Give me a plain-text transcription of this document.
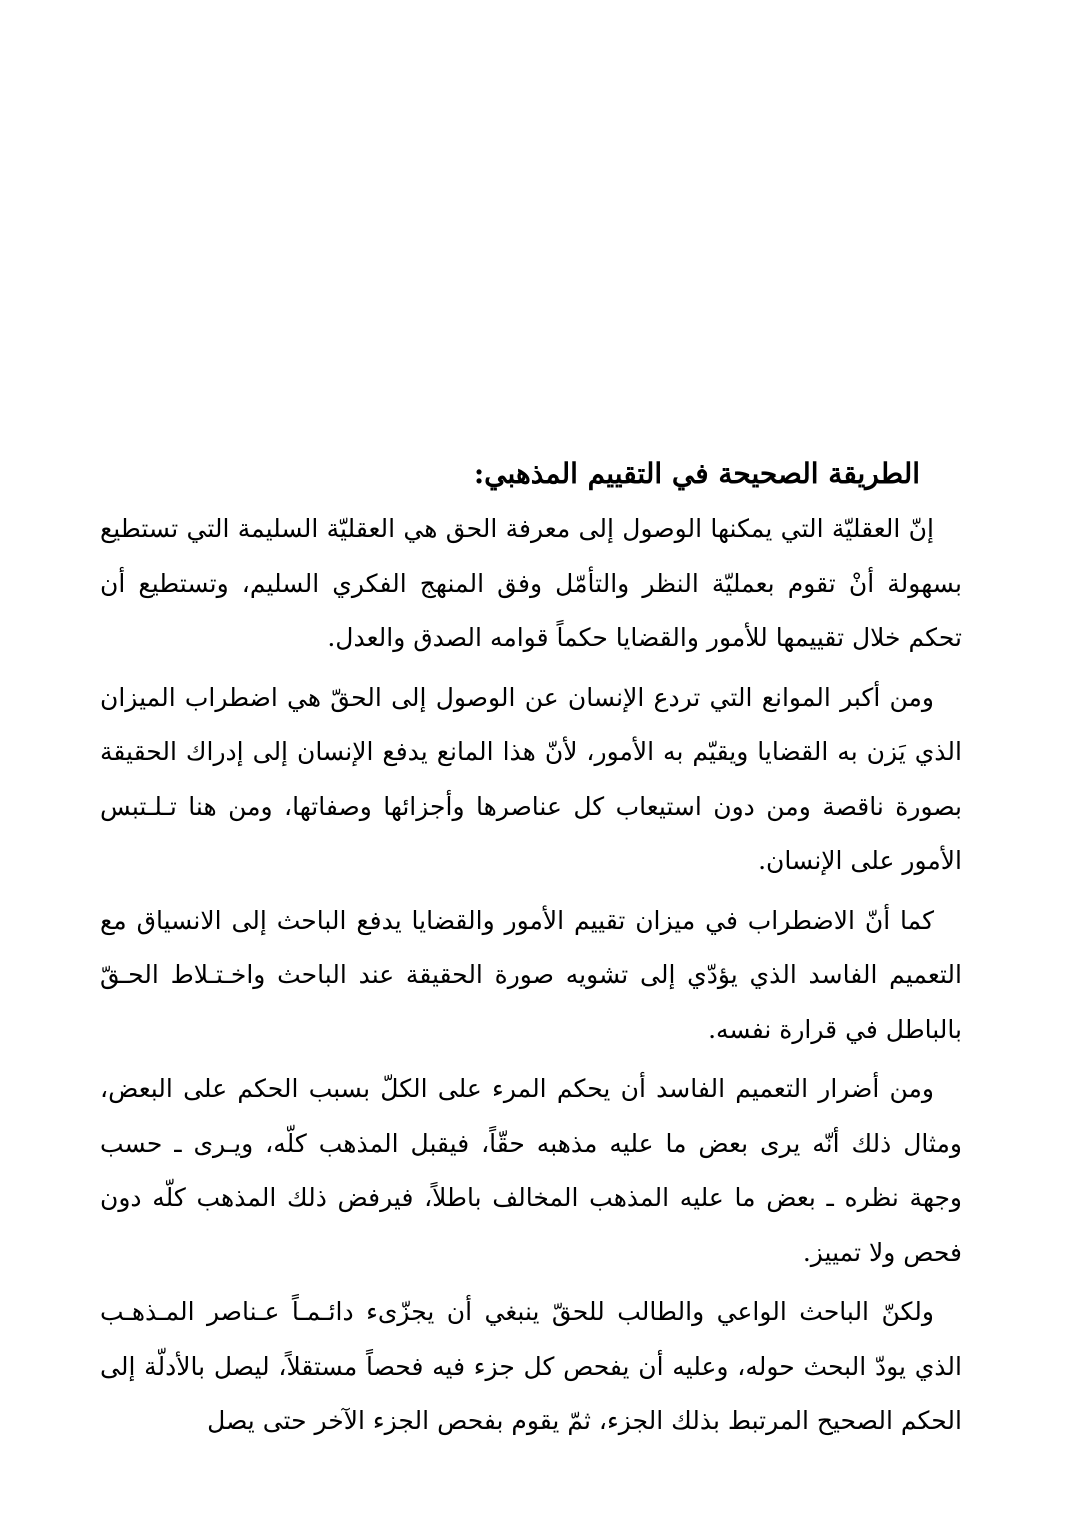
الطريقة الصحيحة في التقييم المذهبي:

إنّ العقليّة التي يمكنها الوصول إلى معرفة الحق هي العقليّة السليمة التي تستطيع بسهولة أنْ تقوم بعمليّة النظر والتأمّل وفق المنهج الفكري السليم، وتستطيع أن تحكم خلال تقييمها للأمور والقضايا حكماً قوامه الصدق والعدل.

ومن أكبر الموانع التي تردع الإنسان عن الوصول إلى الحقّ هي اضطراب الميزان الذي يَزن به القضايا ويقيّم به الأمور، لأنّ هذا المانع يدفع الإنسان إلى إدراك الحقيقة بصورة ناقصة ومن دون استيعاب كل عناصرها وأجزائها وصفاتها، ومن هنا تـلـتبس الأمور على الإنسان.

كما أنّ الاضطراب في ميزان تقييم الأمور والقضايا يدفع الباحث إلى الانسياق مع التعميم الفاسد الذي يؤدّي إلى تشويه صورة الحقيقة عند الباحث واخـتـلاط الحـقّ بالباطل في قرارة نفسه.

ومن أضرار التعميم الفاسد أن يحكم المرء على الكلّ بسبب الحكم على البعض، ومثال ذلك أنّه يرى بعض ما عليه مذهبه حقّاً، فيقبل المذهب كلّه، ويـرى ـ حسب وجهة نظره ـ بعض ما عليه المذهب المخالف باطلاً، فيرفض ذلك المذهب كلّه دون فحص ولا تمييز.

ولكنّ الباحث الواعي والطالب للحقّ ينبغي أن يجزّىء دائـمـاً عـناصر المـذهـب الذي يودّ البحث حوله، وعليه أن يفحص كل جزء فيه فحصاً مستقلاً، ليصل بالأدلّة إلى الحكم الصحيح المرتبط بذلك الجزء، ثمّ يقوم بفحص الجزء الآخر حتى يصل
